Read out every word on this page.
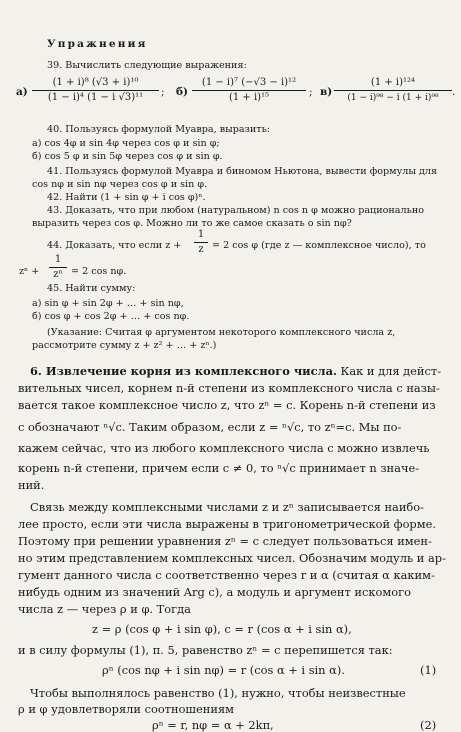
Упражнения
39. Вычислить следующие выражения:
$а) \frac{\text{(1 + i)⁸ (√3 + i)¹⁰}}{\text{(1 − i)⁴ (1 − i √3)¹¹}}$ ; $б) \frac{\text{(1 − i)⁷ (−√3 − i)¹²}}{\text{(1 + i)¹⁵}}$ ; $в) \frac{\text{(1 + i)¹²⁴}}{\text{(1 − i)⁹⁸ − i (1 + i)⁹⁸}}$ .
40. Пользуясь формулой Муавра, выразить:
а) cos 4φ и sin 4φ через cos φ и sin φ;
б) cos 5 φ и sin 5φ через cos φ и sin φ.
41. Пользуясь формулой Муавра и биномом Ньютона, вывести формулы для
cos nφ и sin nφ через cos φ и sin φ.
42. Найти (1 + sin φ + i cos φ)ⁿ.
43. Доказать, что при любом (натуральном) n cos n φ можно рационально
выразить через cos φ. Можно ли то же самое сказать о sin nφ?
44. Доказать, что если $z + \frac{1}{z} = 2$ cos φ (где z — комплексное число), то
$z^n + \frac{1}{\text{zⁿ}} = 2$ cos nφ.
45. Найти сумму:
а) sin φ + sin 2φ + … + sin nφ,
б) cos φ + cos 2φ + … + cos nφ.
(Указание: Считая φ аргументом некоторого комплексного числа z,
рассмотрите сумму z + z² + … + zⁿ.)
6. Извлечение корня из комплексного числа. Как и для дейст-
вительных чисел, корнем n-й степени из комплексного числа c назы-
вается такое комплексное число z, что zⁿ = c. Корень n-й степени из
c обозначают ⁿ√c. Таким образом, если z = ⁿ√c, то zⁿ=c. Мы по-
кажем сейчас, что из любого комплексного числа c можно извлечь
корень n-й степени, причем если c ≠ 0, то ⁿ√c принимает n значе-
ний.
Связь между комплексными числами z и zⁿ записывается наибо-
лее просто, если эти числа выражены в тригонометрической форме.
Поэтому при решении уравнения zⁿ = c следует пользоваться имен-
но этим представлением комплексных чисел. Обозначим модуль и ар-
гумент данного числа c соответственно через r и α (считая α каким-
нибудь одним из значений Arg c), а модуль и аргумент искомого
числа z — через ρ и φ. Тогда
z = ρ (cos φ + i sin φ), c = r (cos α + i sin α),
и в силу формулы (1), п. 5, равенство zⁿ = c перепишется так:
ρⁿ (cos nφ + i sin nφ) = r (cos α + i sin α).	(1)
Чтобы выполнялось равенство (1), нужно, чтобы неизвестные
ρ и φ удовлетворяли соотношениям
ρⁿ = r, nφ = α + 2kπ,	(2)
